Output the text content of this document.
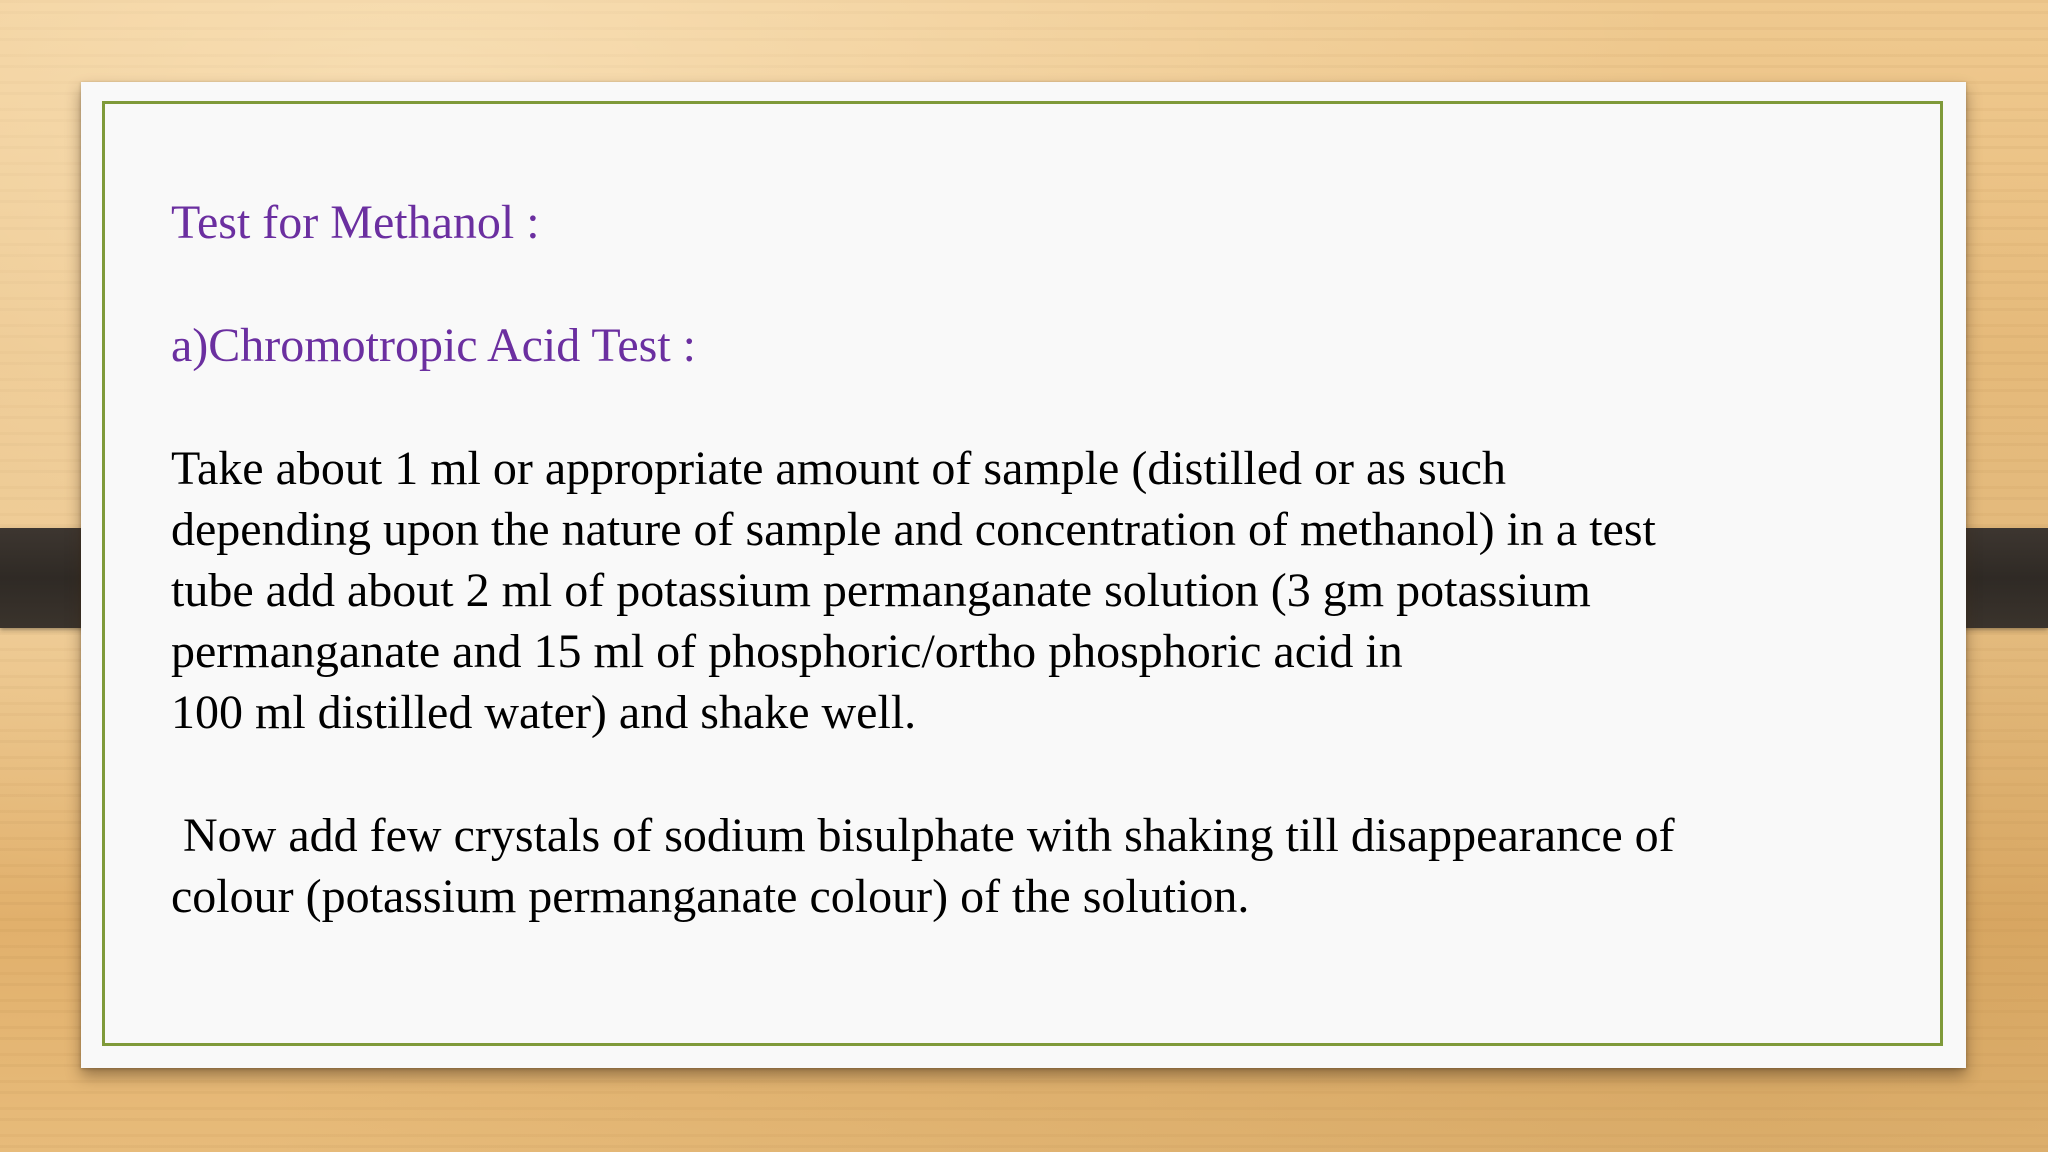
Test for Methanol :

a)Chromotropic Acid Test :

Take about 1 ml or appropriate amount of sample (distilled or as such
depending upon the nature of sample and concentration of methanol) in a test
tube add about 2 ml of potassium permanganate solution (3 gm potassium
permanganate and 15 ml of phosphoric/ortho phosphoric acid in
100 ml distilled water) and shake well.

Now add few crystals of sodium bisulphate with shaking till disappearance of
colour (potassium permanganate colour) of the solution.
